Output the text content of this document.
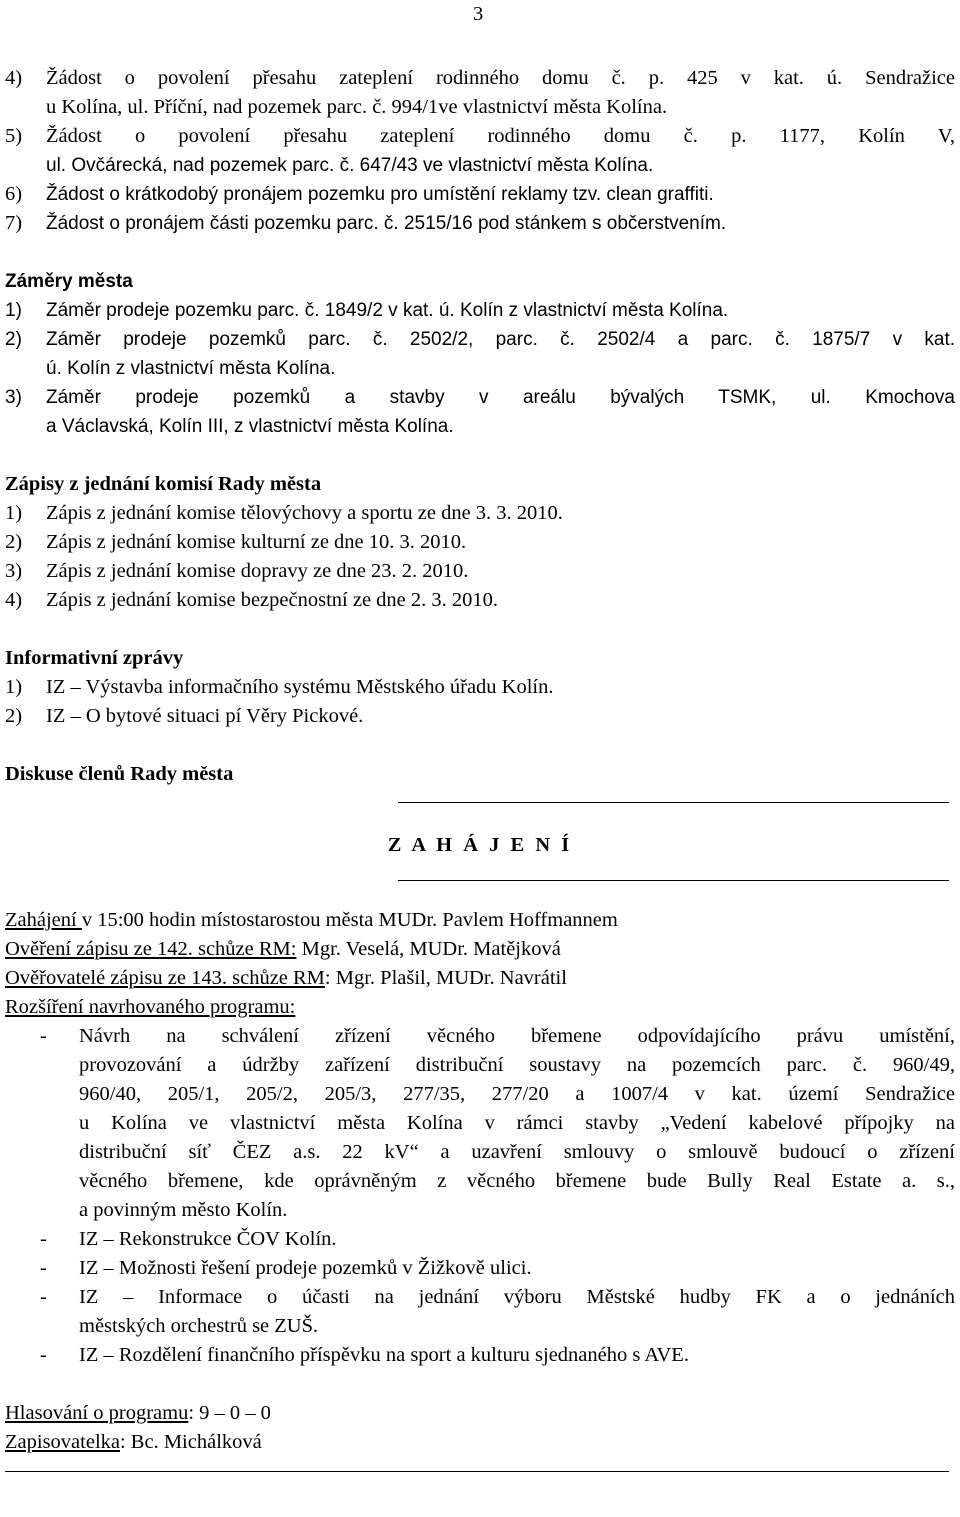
3
4)	Žádost o povolení přesahu zateplení rodinného domu č. p. 425 v kat. ú. Sendražice
u Kolína, ul. Příční, nad pozemek parc. č. 994/1ve vlastnictví města Kolína.
5)	Žádost o povolení přesahu zateplení rodinného domu č. p. 1177, Kolín V,
ul. Ovčárecká, nad pozemek parc. č. 647/43 ve vlastnictví města Kolína.
6)	Žádost o krátkodobý pronájem pozemku pro umístění reklamy tzv. clean graffiti.
7)	Žádost o pronájem části pozemku parc. č. 2515/16 pod stánkem s občerstvením.
Záměry města
1)	Záměr prodeje pozemku parc. č. 1849/2 v kat. ú. Kolín z vlastnictví města Kolína.
2)	Záměr prodeje pozemků parc. č. 2502/2, parc. č. 2502/4 a parc. č. 1875/7 v kat.
ú. Kolín z vlastnictví města Kolína.
3)	Záměr prodeje pozemků a stavby v areálu bývalých TSMK, ul. Kmochova
a Václavská, Kolín III, z vlastnictví města Kolína.
Zápisy z jednání komisí Rady města
1)	Zápis z jednání komise tělovýchovy a sportu ze dne 3. 3. 2010.
2)	Zápis z jednání komise kulturní ze dne 10. 3. 2010.
3)	Zápis z jednání komise dopravy ze dne 23. 2. 2010.
4)	Zápis z jednání komise bezpečnostní ze dne 2. 3. 2010.
Informativní zprávy
1)	IZ – Výstavba informačního systému Městského úřadu Kolín.
2)	IZ – O bytové situaci pí Věry Pickové.
Diskuse členů Rady města
Z A H Á J E N Í
Zahájení v 15:00 hodin místostarostou města MUDr. Pavlem Hoffmannem
Ověření zápisu ze 142. schůze RM: Mgr. Veselá, MUDr. Matějková
Ověřovatelé zápisu ze 143. schůze RM: Mgr. Plašil, MUDr. Navrátil
Rozšíření navrhovaného programu:
-	Návrh na schválení zřízení věcného břemene odpovídajícího právu umístění,
provozování a údržby zařízení distribuční soustavy na pozemcích parc. č. 960/49,
960/40, 205/1, 205/2, 205/3, 277/35, 277/20 a 1007/4 v kat. území Sendražice
u Kolína ve vlastnictví města Kolína v rámci stavby „Vedení kabelové přípojky na
distribuční síť ČEZ a.s. 22 kV“ a uzavření smlouvy o smlouvě budoucí o zřízení
věcného břemene, kde oprávněným z věcného břemene bude Bully Real Estate a. s.,
a povinným město Kolín.
-	IZ – Rekonstrukce ČOV Kolín.
-	IZ – Možnosti řešení prodeje pozemků v Žižkově ulici.
-	IZ – Informace o účasti na jednání výboru Městské hudby FK a o jednáních
městských orchestrů se ZUŠ.
-	IZ – Rozdělení finančního příspěvku na sport a kulturu sjednaného s AVE.
Hlasování o programu: 9 – 0 – 0
Zapisovatelka: Bc. Michálková
